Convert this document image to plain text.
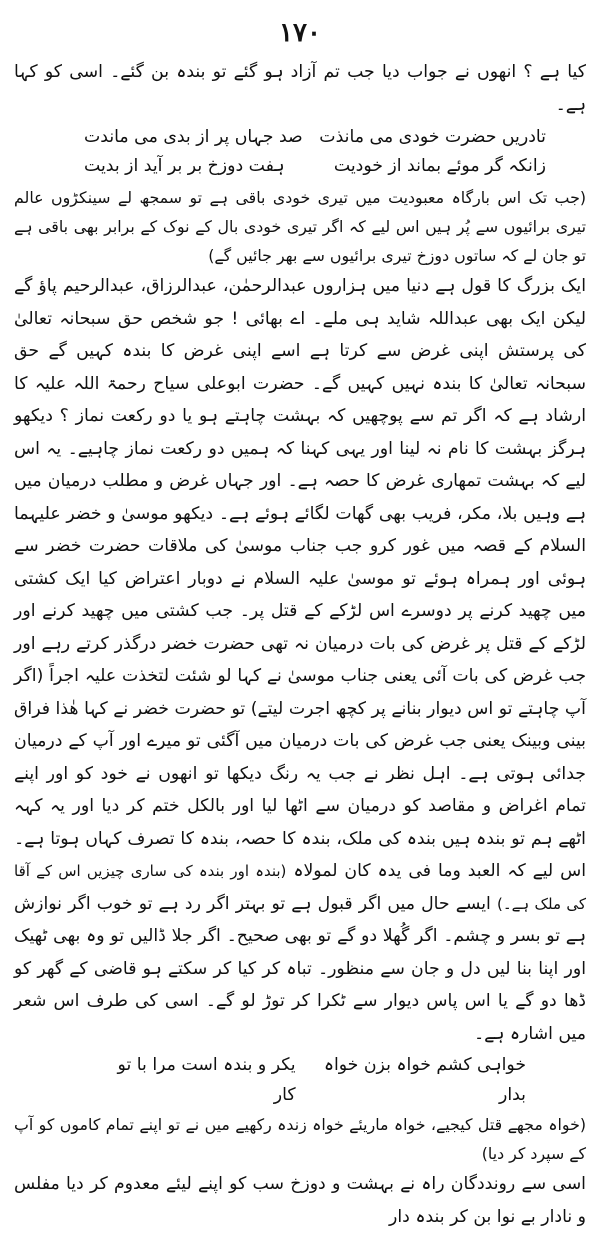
۱۷۰

کیا ہے ؟ انھوں نے جواب دیا جب تم آزاد ہو گئے تو بندہ بن گئے۔ اسی کو کہا ہے۔

تادریں حضرت خودی می مانذت
صد جہاں پر از بدی می ماندت
زانکہ گر موئے بماند از خودیت
ہفت دوزخ بر بر آید از بدیت

(جب تک اس بارگاہ معبودیت میں تیری خودی باقی ہے تو سمجھ لے سینکڑوں عالم تیری برائیوں سے پُر ہیں اس لیے کہ اگر تیری خودی بال کے نوک کے برابر بھی باقی ہے تو جان لے کہ ساتوں دوزخ تیری برائیوں سے بھر جائیں گے)

ایک بزرگ کا قول ہے دنیا میں ہزاروں عبدالرحمٰن، عبدالرزاق، عبدالرحیم پاؤ گے لیکن ایک بھی عبداللہ شاید ہی ملے۔ اے بھائی ! جو شخص حق سبحانہ تعالیٰ کی پرستش اپنی غرض سے کرتا ہے اسے اپنی غرض کا بندہ کہیں گے حق سبحانہ تعالیٰ کا بندہ نہیں کہیں گے۔ حضرت ابوعلی سیاح رحمۃ اللہ علیہ کا ارشاد ہے کہ اگر تم سے پوچھیں کہ بہشت چاہتے ہو یا دو رکعت نماز ؟ دیکھو ہرگز بہشت کا نام نہ لینا اور یہی کہنا کہ ہمیں دو رکعت نماز چاہیے۔ یہ اس لیے کہ بہشت تمھاری غرض کا حصہ ہے۔ اور جہاں غرض و مطلب درمیان میں ہے وہیں بلا، مکر، فریب بھی گھات لگائے ہوئے ہے۔ دیکھو موسیٰ و خضر علیہما السلام کے قصہ میں غور کرو جب جناب موسیٰ کی ملاقات حضرت خضر سے ہوئی اور ہمراہ ہوئے تو موسیٰ علیہ السلام نے دوبار اعتراض کیا ایک کشتی میں چھید کرنے پر دوسرے اس لڑکے کے قتل پر۔ جب کشتی میں چھید کرنے اور لڑکے کے قتل پر غرض کی بات درمیان نہ تھی حضرت خضر درگذر کرتے رہے اور جب غرض کی بات آئی یعنی جناب موسیٰ نے کہا لو شئت لتخذت علیہ اجراً (اگر آپ چاہتے تو اس دیوار بنانے پر کچھ اجرت لیتے) تو حضرت خضر نے کہا ھٰذا فراق بینی وبینک یعنی جب غرض کی بات درمیان میں آگئی تو میرے اور آپ کے درمیان جدائی ہوتی ہے۔ اہل نظر نے جب یہ رنگ دیکھا تو انھوں نے خود کو اور اپنے تمام اغراض و مقاصد کو درمیان سے اٹھا لیا اور بالکل ختم کر دیا اور یہ کہہ اٹھے ہم تو بندہ ہیں بندہ کی ملک، بندہ کا حصہ، بندہ کا تصرف کہاں ہوتا ہے۔ اس لیے کہ العبد وما فی یدہ کان لمولاہ (بندہ اور بندہ کی ساری چیزیں اس کے آقا کی ملک ہے۔) ایسے حال میں اگر قبول ہے تو بہتر اگر رد ہے تو خوب اگر نوازش ہے تو بسر و چشم۔ اگر گُھلا دو گے تو بھی صحیح۔ اگر جلا ڈالیں تو وہ بھی ٹھیک اور اپنا بنا لیں دل و جان سے منظور۔ تباہ کر کیا کر سکتے ہو قاضی کے گھر کو ڈھا دو گے یا اس پاس دیوار سے ٹکرا کر توڑ لو گے۔ اسی کی طرف اس شعر میں اشارہ ہے۔

خواہی کشم خواہ بزن خواہ بدار
یکر و بندہ است مرا با تو کار

(خواہ مجھے قتل کیجیے، خواہ ماریئے خواہ زندہ رکھیے میں نے تو اپنے تمام کاموں کو آپ کے سپرد کر دیا)

اسی سے رونددگان راہ نے بہشت و دوزخ سب کو اپنے لیئے معدوم کر دیا مفلس و نادار بے نوا بن کر بندہ دار
